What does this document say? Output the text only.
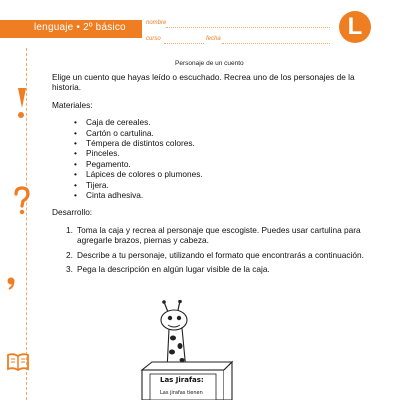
lenguaje • 2º básico	nombre
curso	fecha	L
Personaje de un cuento

Elige un cuento que hayas leído o escuchado. Recrea uno de los personajes de la historia.

Materiales:

• Caja de cereales.
• Cartón o cartulina.
• Témpera de distintos colores.
• Pinceles.
• Pegamento.
• Lápices de colores o plumones.
• Tijera.
• Cinta adhesiva.

Desarrollo:

1. Toma la caja y recrea al personaje que escogiste. Puedes usar cartulina para agregarle brazos, piernas y cabeza.
2. Describe a tu personaje, utilizando el formato que encontrarás a continuación.
3. Pega la descripción en algún lugar visible de la caja.
Las Jirafas:
Las jirafas tienen
